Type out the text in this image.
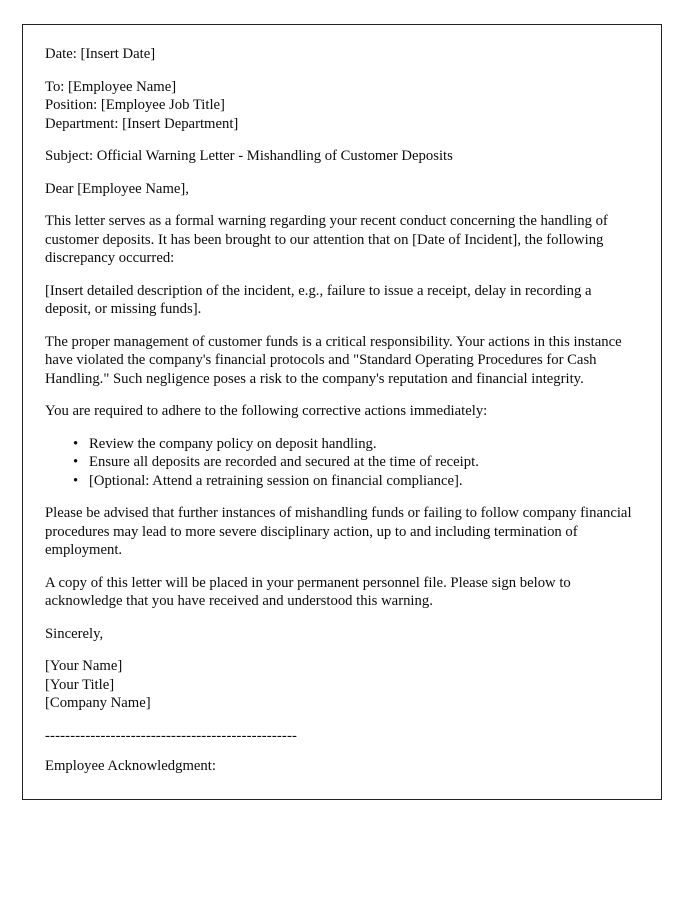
Date: [Insert Date]

To: [Employee Name]

Position: [Employee Job Title]

Department: [Insert Department]

Subject: Official Warning Letter - Mishandling of Customer Deposits

Dear [Employee Name],

This letter serves as a formal warning regarding your recent conduct concerning the handling of customer deposits. It has been brought to our attention that on [Date of Incident], the following discrepancy occurred:

[Insert detailed description of the incident, e.g., failure to issue a receipt, delay in recording a deposit, or missing funds].

The proper management of customer funds is a critical responsibility. Your actions in this instance have violated the company's financial protocols and "Standard Operating Procedures for Cash Handling." Such negligence poses a risk to the company's reputation and financial integrity.

You are required to adhere to the following corrective actions immediately:

• Review the company policy on deposit handling.
• Ensure all deposits are recorded and secured at the time of receipt.
• [Optional: Attend a retraining session on financial compliance].

Please be advised that further instances of mishandling funds or failing to follow company financial procedures may lead to more severe disciplinary action, up to and including termination of employment.

A copy of this letter will be placed in your permanent personnel file. Please sign below to acknowledge that you have received and understood this warning.

Sincerely,

[Your Name]

[Your Title]

[Company Name]

--------------------------------------------------

Employee Acknowledgment:
